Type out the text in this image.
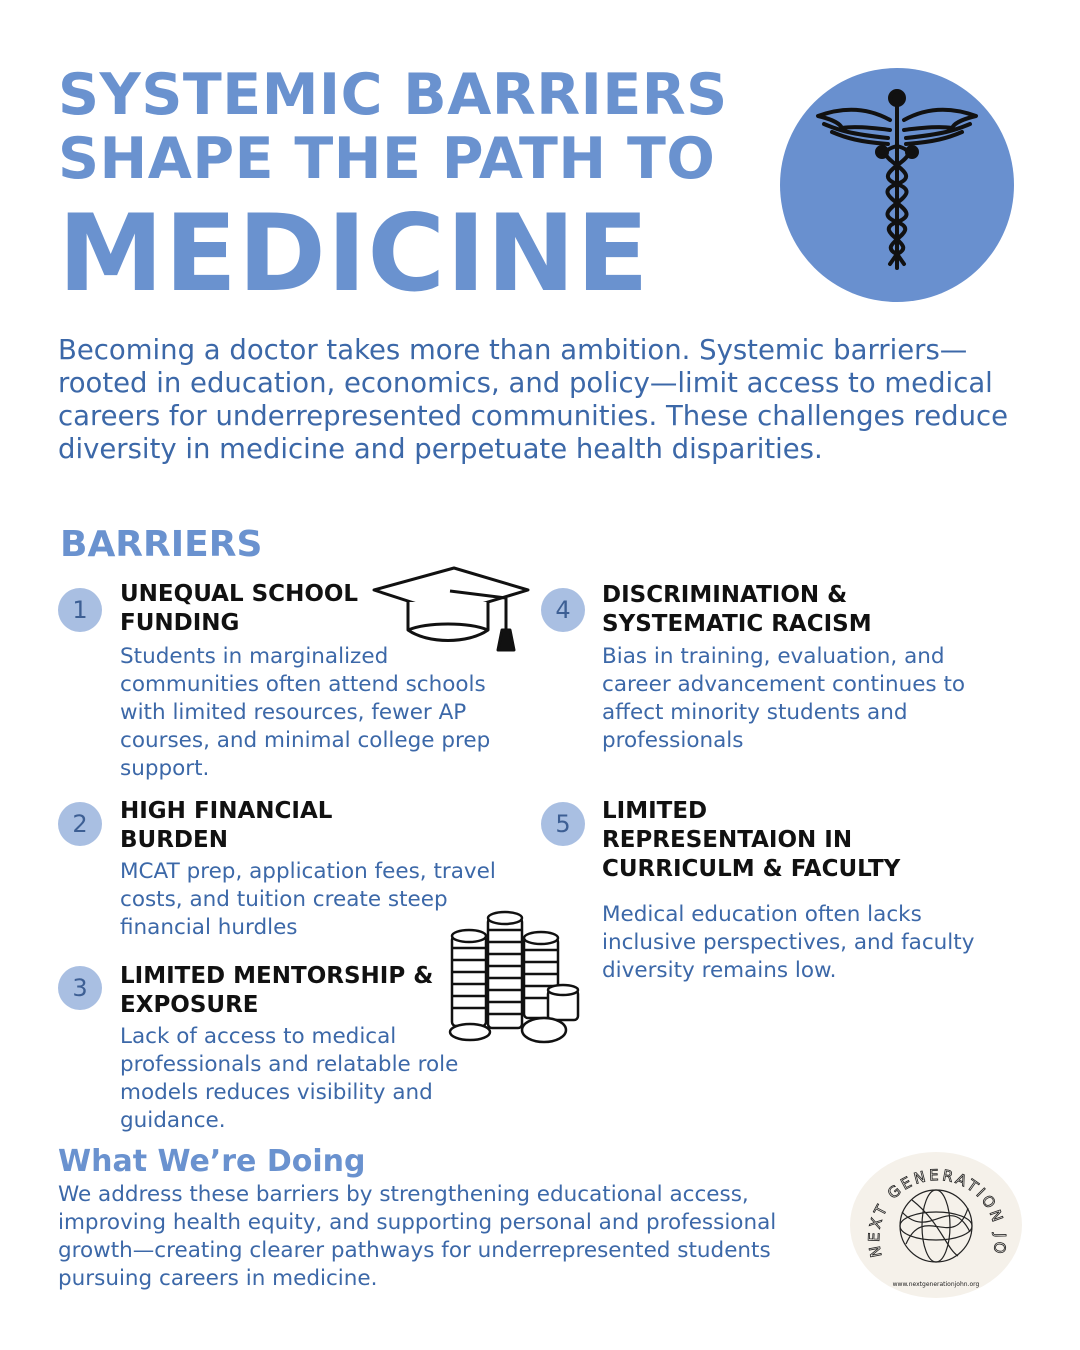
SYSTEMIC BARRIERS
SHAPE THE PATH TO
MEDICINE
Becoming a doctor takes more than ambition. Systemic barriers—rooted in education, economics, and policy—limit access to medical careers for underrepresented communities. These challenges reduce diversity in medicine and perpetuate health disparities.
BARRIERS
1
UNEQUAL SCHOOL FUNDING
Students in marginalized communities often attend schools with limited resources, fewer AP courses, and minimal college prep support.
2	HIGH FINANCIAL BURDEN
MCAT prep, application fees, travel costs, and tuition create steep financial hurdles
3	LIMITED MENTORSHIP & EXPOSURE
Lack of access to medical professionals and relatable role models reduces visibility and guidance.
4
DISCRIMINATION & SYSTEMATIC RACISM
Bias in training, evaluation, and career advancement continues to affect minority students and professionals
5	LIMITED REPRESENTAION IN CURRICULM & FACULTY
Medical education often lacks inclusive perspectives, and faculty diversity remains low.
What We’re Doing
We address these barriers by strengthening educational access, improving health equity, and supporting personal and professional growth—creating clearer pathways for underrepresented students pursuing careers in medicine.
NEXT GENERATION JO
www.nextgenerationjohn.org
